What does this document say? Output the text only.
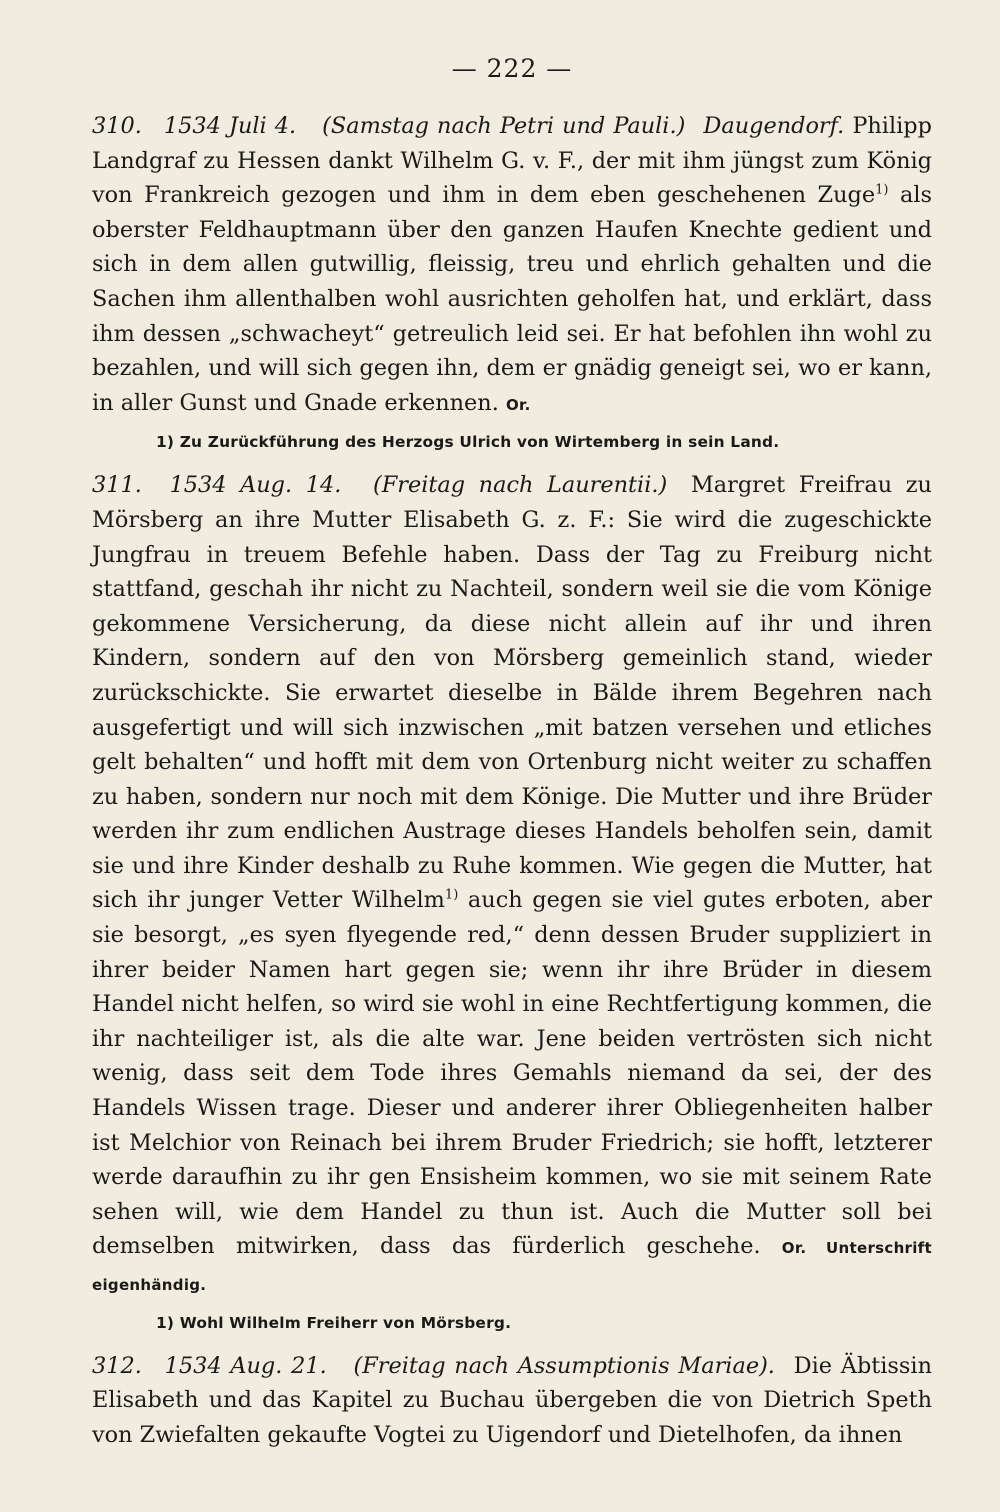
— 222 —

310. 1534 Juli 4. (Samstag nach Petri und Pauli.) Daugendorf. Philipp Landgraf zu Hessen dankt Wilhelm G. v. F., der mit ihm jüngst zum König von Frankreich gezogen und ihm in dem eben geschehenen Zuge$^{1)}$ als oberster Feldhauptmann über den ganzen Haufen Knechte gedient und sich in dem allen gutwillig, fleissig, treu und ehrlich gehalten und die Sachen ihm allenthalben wohl ausrichten geholfen hat, und erklärt, dass ihm dessen „schwacheyt“ getreulich leid sei. Er hat befohlen ihn wohl zu bezahlen, und will sich gegen ihn, dem er gnädig geneigt sei, wo er kann, in aller Gunst und Gnade erkennen. Or.

1) Zu Zurückführung des Herzogs Ulrich von Wirtemberg in sein Land.

311. 1534 Aug. 14. (Freitag nach Laurentii.) Margret Freifrau zu Mörsberg an ihre Mutter Elisabeth G. z. F.: Sie wird die zugeschickte Jungfrau in treuem Befehle haben. Dass der Tag zu Freiburg nicht stattfand, geschah ihr nicht zu Nachteil, sondern weil sie die vom Könige gekommene Versicherung, da diese nicht allein auf ihr und ihren Kindern, sondern auf den von Mörsberg gemeinlich stand, wieder zurückschickte. Sie erwartet dieselbe in Bälde ihrem Begehren nach ausgefertigt und will sich inzwischen „mit batzen versehen und etliches gelt behalten“ und hofft mit dem von Ortenburg nicht weiter zu schaffen zu haben, sondern nur noch mit dem Könige. Die Mutter und ihre Brüder werden ihr zum endlichen Austrage dieses Handels beholfen sein, damit sie und ihre Kinder deshalb zu Ruhe kommen. Wie gegen die Mutter, hat sich ihr junger Vetter Wilhelm$^{1)}$ auch gegen sie viel gutes erboten, aber sie besorgt, „es syen flyegende red,“ denn dessen Bruder suppliziert in ihrer beider Namen hart gegen sie; wenn ihr ihre Brüder in diesem Handel nicht helfen, so wird sie wohl in eine Rechtfertigung kommen, die ihr nachteiliger ist, als die alte war. Jene beiden vertrösten sich nicht wenig, dass seit dem Tode ihres Gemahls niemand da sei, der des Handels Wissen trage. Dieser und anderer ihrer Obliegenheiten halber ist Melchior von Reinach bei ihrem Bruder Friedrich; sie hofft, letzterer werde daraufhin zu ihr gen Ensisheim kommen, wo sie mit seinem Rate sehen will, wie dem Handel zu thun ist. Auch die Mutter soll bei demselben mitwirken, dass das fürderlich geschehe. Or. Unterschrift eigenhändig.

1) Wohl Wilhelm Freiherr von Mörsberg.

312. 1534 Aug. 21. (Freitag nach Assumptionis Mariae). Die Äbtissin Elisabeth und das Kapitel zu Buchau übergeben die von Dietrich Speth von Zwiefalten gekaufte Vogtei zu Uigendorf und Dietelhofen, da ihnen
